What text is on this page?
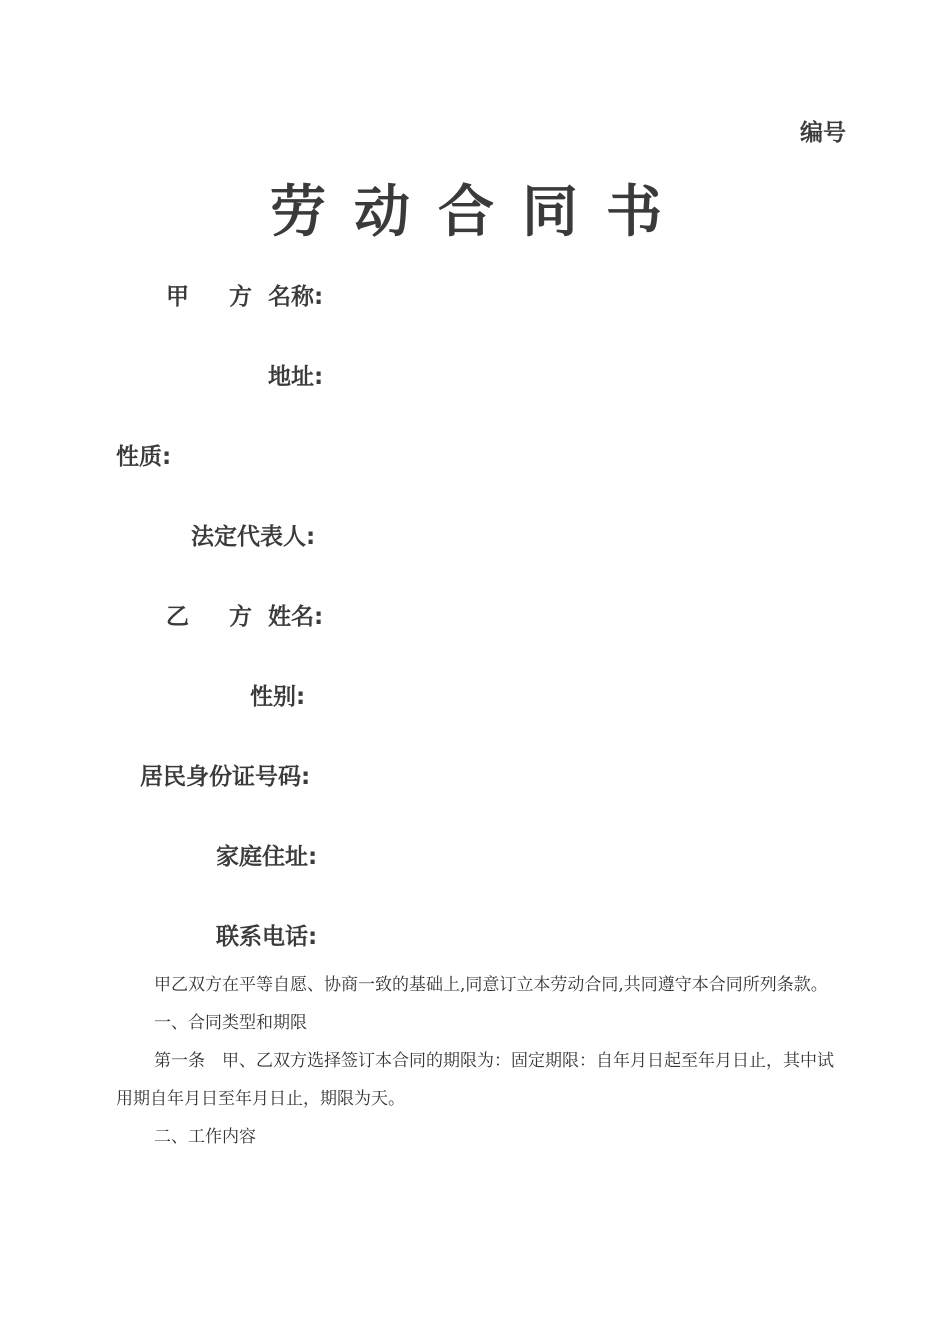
编号
劳动合同书
甲 方名称:
地址:
性质:
法定代表人:
乙 方姓名:
性别:
居民身份证号码:
家庭住址:
联系电话:

甲乙双方在平等自愿、协商一致的基础上,同意订立本劳动合同,共同遵守本合同所列条款。

一、合同类型和期限

第一条　甲、乙双方选择签订本合同的期限为：固定期限：自年月日起至年月日止，其中试用期自年月日至年月日止，期限为天。

二、工作内容
